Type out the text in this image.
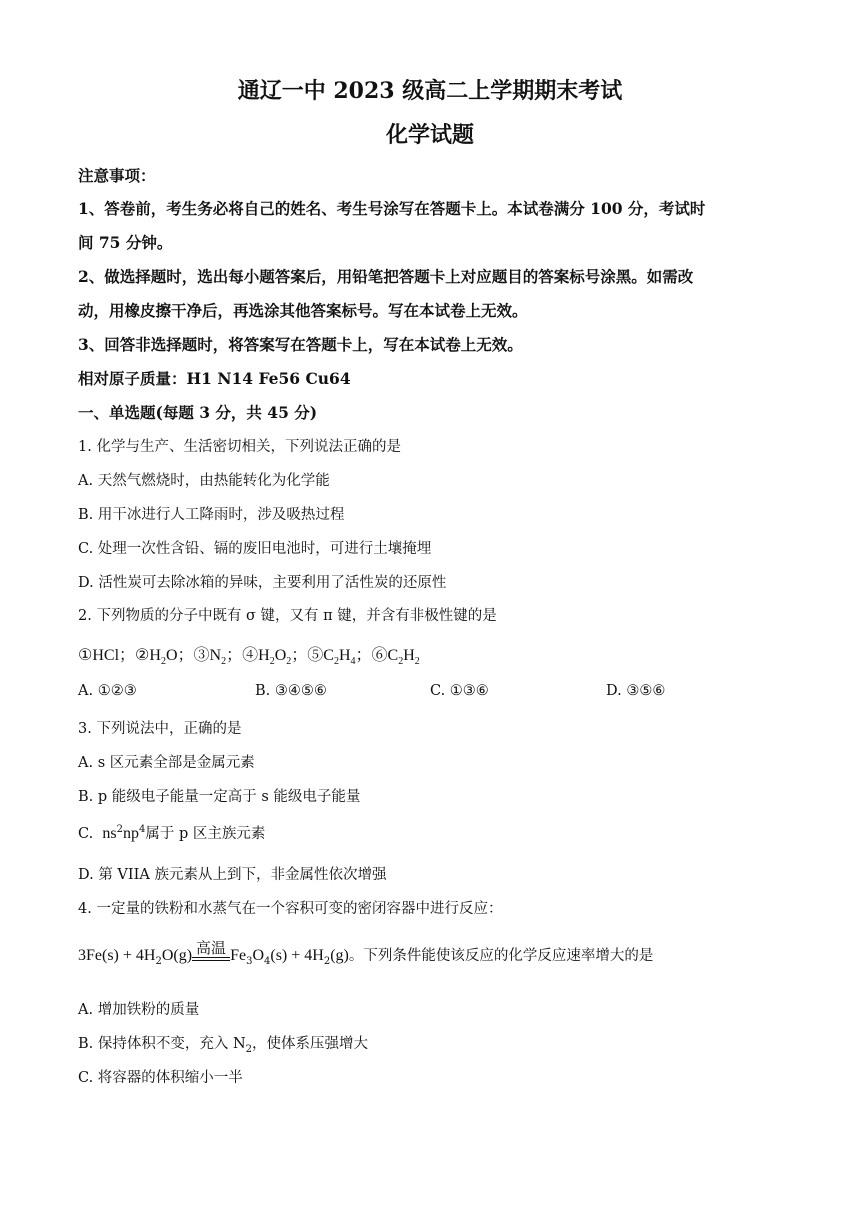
通辽一中 2023 级高二上学期期末考试
化学试题
注意事项：
1、答卷前，考生务必将自己的姓名、考生号涂写在答题卡上。本试卷满分 100 分，考试时
间 75 分钟。
2、做选择题时，选出每小题答案后，用铅笔把答题卡上对应题目的答案标号涂黑。如需改
动，用橡皮擦干净后，再选涂其他答案标号。写在本试卷上无效。
3、回答非选择题时，将答案写在答题卡上，写在本试卷上无效。
相对原子质量：H1 N14 Fe56 Cu64
一、单选题(每题 3 分，共 45 分)
1. 化学与生产、生活密切相关，下列说法正确的是
A. 天然气燃烧时，由热能转化为化学能
B. 用干冰进行人工降雨时，涉及吸热过程
C. 处理一次性含铅、镉的废旧电池时，可进行土壤掩埋
D. 活性炭可去除冰箱的异味，主要利用了活性炭的还原性
2. 下列物质的分子中既有 σ 键，又有 π 键，并含有非极性键的是
①HCl；$②H_2O$；$③N_2$；$④H_2O_2$；$⑤C_2H_4$；$⑥C_2H_2$
A. ①②③	B. ③④⑤⑥	C. ①③⑥	D. ③⑤⑥
3. 下列说法中，正确的是
A. s 区元素全部是金属元素
B. p 能级电子能量一定高于 s 能级电子能量
C. $ns^2np^4$属于 p 区主族元素
D. 第 VIIA 族元素从上到下，非金属性依次增强
4. 一定量的铁粉和水蒸气在一个容积可变的密闭容器中进行反应：
$3Fe(s) + 4H_2O(g)$ 高温 $Fe_3O_4(s) + 4H_2(g)$。下列条件能使该反应的化学反应速率增大的是
A. 增加铁粉的质量
B. 保持体积不变，充入 $N_2$，使体系压强增大
C. 将容器的体积缩小一半
